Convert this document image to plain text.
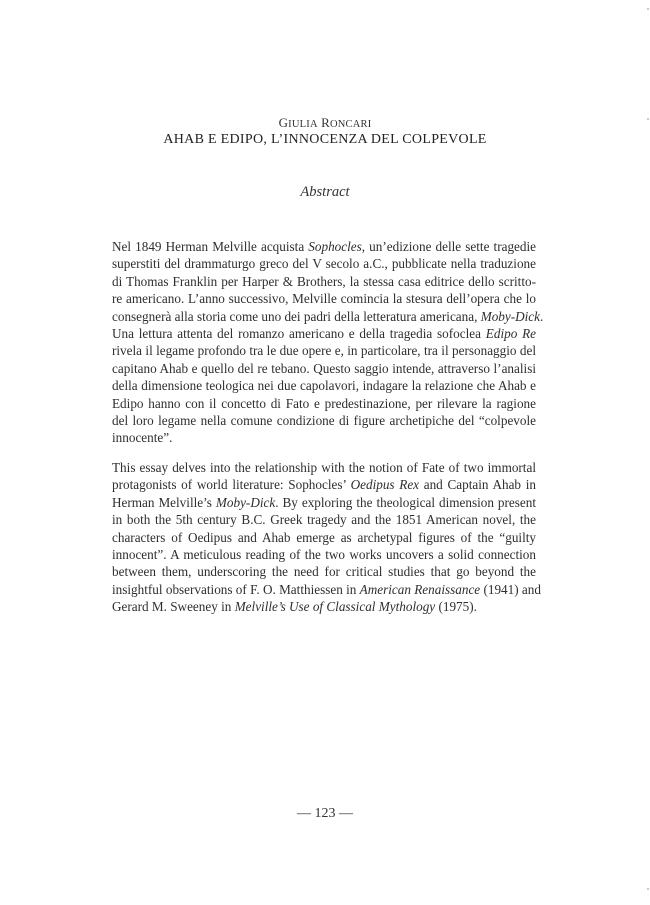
GIULIA RONCARI
AHAB E EDIPO, L’INNOCENZA DEL COLPEVOLE
Abstract
Nel 1849 Herman Melville acquista Sophocles, un’edizione delle sette tragedie
superstiti del drammaturgo greco del V secolo a.C., pubblicate nella traduzione
di Thomas Franklin per Harper & Brothers, la stessa casa editrice dello scritto-
re americano. L’anno successivo, Melville comincia la stesura dell’opera che lo
consegnerà alla storia come uno dei padri della letteratura americana, Moby-Dick.
Una lettura attenta del romanzo americano e della tragedia sofoclea Edipo Re
rivela il legame profondo tra le due opere e, in particolare, tra il personaggio del
capitano Ahab e quello del re tebano. Questo saggio intende, attraverso l’analisi
della dimensione teologica nei due capolavori, indagare la relazione che Ahab e
Edipo hanno con il concetto di Fato e predestinazione, per rilevare la ragione
del loro legame nella comune condizione di figure archetipiche del “colpevole
innocente”.
This essay delves into the relationship with the notion of Fate of two immortal
protagonists of world literature: Sophocles’ Oedipus Rex and Captain Ahab in
Herman Melville’s Moby-Dick. By exploring the theological dimension present
in both the 5th century B.C. Greek tragedy and the 1851 American novel, the
characters of Oedipus and Ahab emerge as archetypal figures of the “guilty
innocent”. A meticulous reading of the two works uncovers a solid connection
between them, underscoring the need for critical studies that go beyond the
insightful observations of F. O. Matthiessen in American Renaissance (1941) and
Gerard M. Sweeney in Melville’s Use of Classical Mythology (1975).
— 123 —
